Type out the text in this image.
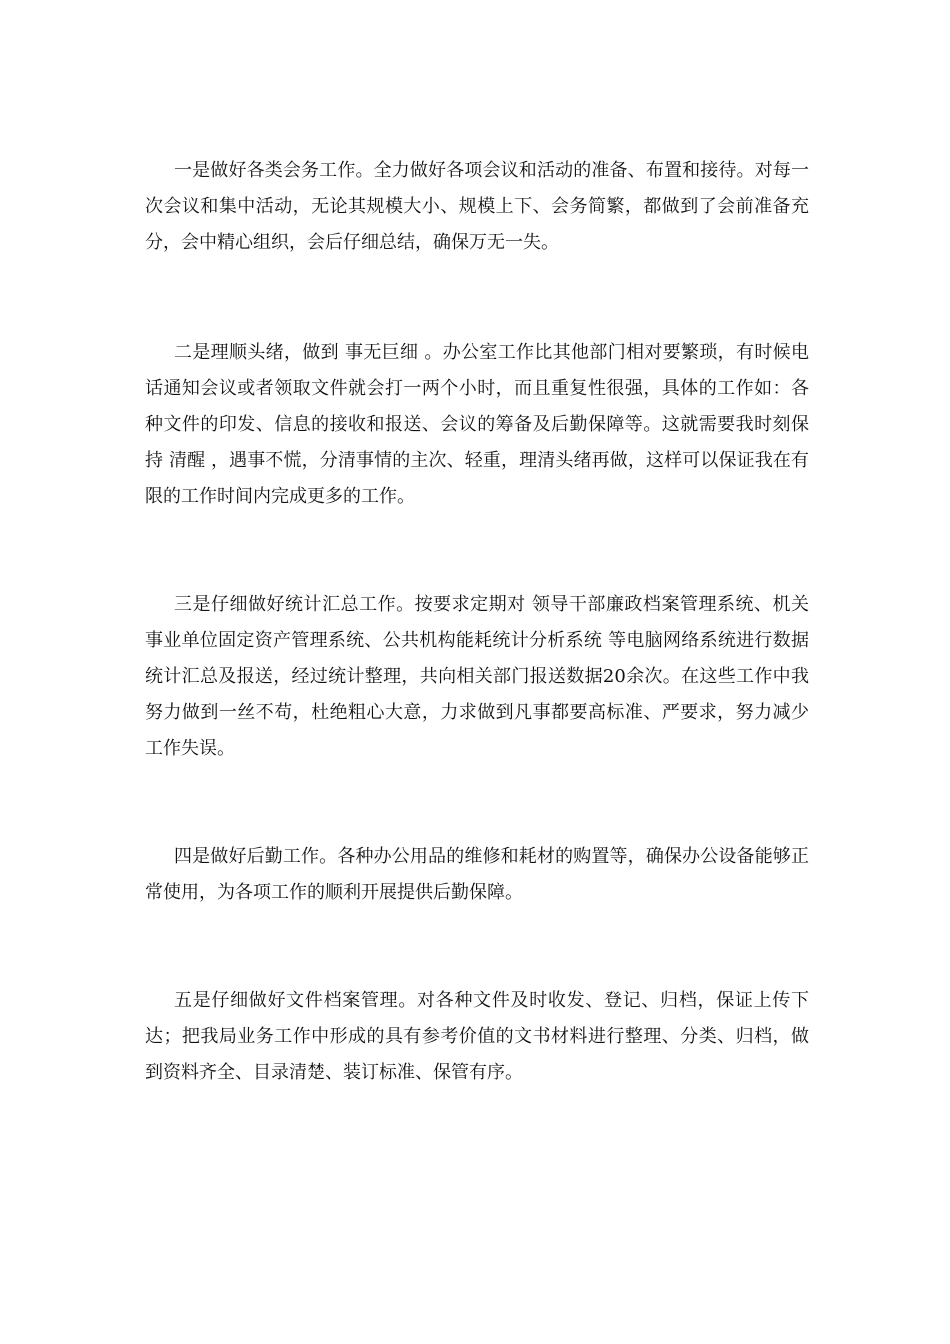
一是做好各类会务工作。全力做好各项会议和活动的准备、布置和接待。对每一次会议和集中活动，无论其规模大小、规模上下、会务简繁，都做到了会前准备充分，会中精心组织，会后仔细总结，确保万无一失。

二是理顺头绪，做到 事无巨细 。办公室工作比其他部门相对要繁琐，有时候电话通知会议或者领取文件就会打一两个小时，而且重复性很强，具体的工作如：各种文件的印发、信息的接收和报送、会议的筹备及后勤保障等。这就需要我时刻保持 清醒 ，遇事不慌，分清事情的主次、轻重，理清头绪再做，这样可以保证我在有限的工作时间内完成更多的工作。

三是仔细做好统计汇总工作。按要求定期对 领导干部廉政档案管理系统、机关事业单位固定资产管理系统、公共机构能耗统计分析系统 等电脑网络系统进行数据统计汇总及报送，经过统计整理，共向相关部门报送数据20余次。在这些工作中我努力做到一丝不苟，杜绝粗心大意，力求做到凡事都要高标准、严要求，努力减少工作失误。

四是做好后勤工作。各种办公用品的维修和耗材的购置等，确保办公设备能够正常使用，为各项工作的顺利开展提供后勤保障。

五是仔细做好文件档案管理。对各种文件及时收发、登记、归档，保证上传下达；把我局业务工作中形成的具有参考价值的文书材料进行整理、分类、归档，做到资料齐全、目录清楚、装订标准、保管有序。
